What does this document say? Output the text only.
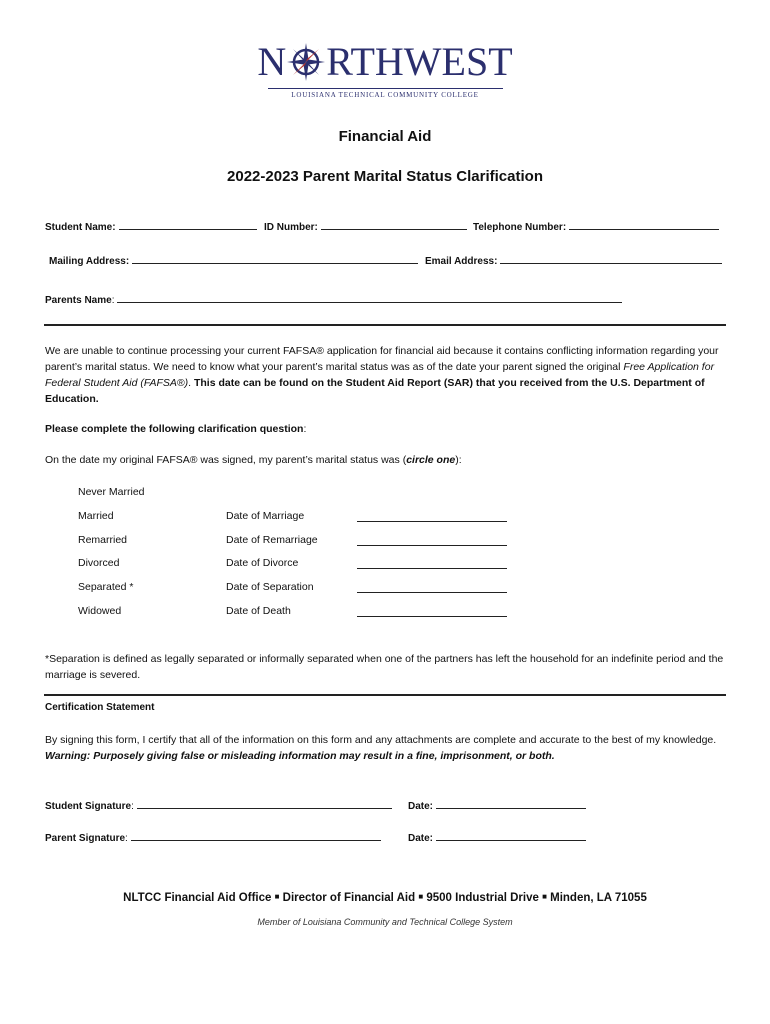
N RTHWEST
LOUISIANA TECHNICAL COMMUNITY COLLEGE
Financial Aid
2022-2023 Parent Marital Status Clarification
Student Name:	ID Number:	Telephone Number:
Mailing Address:	Email Address:
Parents Name:
We are unable to continue processing your current FAFSA® application for financial aid because it contains conflicting information regarding your parent’s marital status. We need to know what your parent’s marital status was as of the date your parent signed the original Free Application for Federal Student Aid (FAFSA®). This date can be found on the Student Aid Report (SAR) that you received from the U.S. Department of Education.
Please complete the following clarification question:
On the date my original FAFSA® was signed, my parent’s marital status was (circle one):
Never Married
Married	Date of Marriage
Remarried	Date of Remarriage
Divorced	Date of Divorce
Separated *	Date of Separation
Widowed	Date of Death
*Separation is defined as legally separated or informally separated when one of the partners has left the household for an indefinite period and the marriage is severed.
Certification Statement
By signing this form, I certify that all of the information on this form and any attachments are complete and accurate to the best of my knowledge. Warning: Purposely giving false or misleading information may result in a fine, imprisonment, or both.
Student Signature:	Date:
Parent Signature:	Date:
NLTCC Financial Aid Office ■ Director of Financial Aid ■ 9500 Industrial Drive ■ Minden, LA 71055
Member of Louisiana Community and Technical College System
